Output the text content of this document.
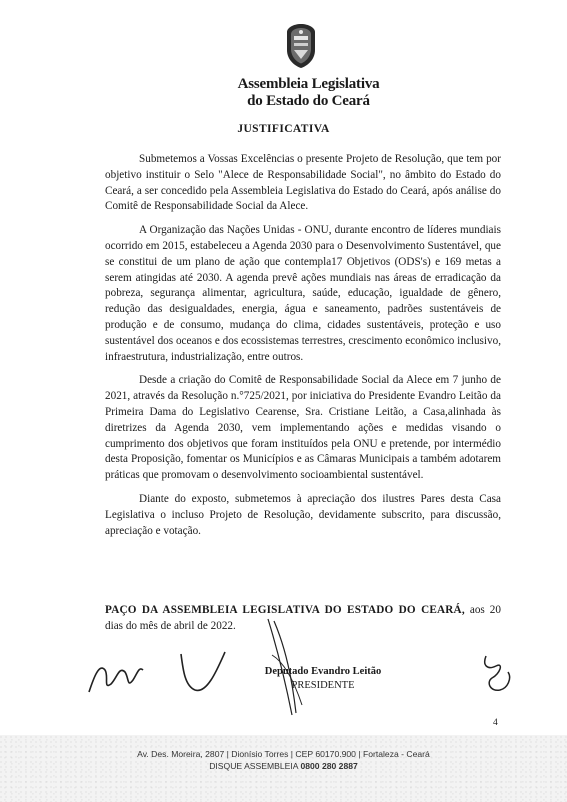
Assembleia Legislativa
do Estado do Ceará
JUSTIFICATIVA

Submetemos a Vossas Excelências o presente Projeto de Resolução, que tem por objetivo instituir o Selo "Alece de Responsabilidade Social", no âmbito do Estado do Ceará, a ser concedido pela Assembleia Legislativa do Estado do Ceará, após análise do Comitê de Responsabilidade Social da Alece.

A Organização das Nações Unidas - ONU, durante encontro de líderes mundiais ocorrido em 2015, estabeleceu a Agenda 2030 para o Desenvolvimento Sustentável, que se constitui de um plano de ação que contempla17 Objetivos (ODS's) e 169 metas a serem atingidas até 2030. A agenda prevê ações mundiais nas áreas de erradicação da pobreza, segurança alimentar, agricultura, saúde, educação, igualdade de gênero, redução das desigualdades, energia, água e saneamento, padrões sustentáveis de produção e de consumo, mudança do clima, cidades sustentáveis, proteção e uso sustentável dos oceanos e dos ecossistemas terrestres, crescimento econômico inclusivo, infraestrutura, industrialização, entre outros.

Desde a criação do Comitê de Responsabilidade Social da Alece em 7 junho de 2021, através da Resolução n.°725/2021, por iniciativa do Presidente Evandro Leitão da Primeira Dama do Legislativo Cearense, Sra. Cristiane Leitão, a Casa,alinhada às diretrizes da Agenda 2030, vem implementando ações e medidas visando o cumprimento dos objetivos que foram instituídos pela ONU e pretende, por intermédio desta Proposição, fomentar os Municípios e as Câmaras Municipais a também adotarem práticas que promovam o desenvolvimento socioambiental sustentável.

Diante do exposto, submetemos à apreciação dos ilustres Pares desta Casa Legislativa o incluso Projeto de Resolução, devidamente subscrito, para discussão, apreciação e votação.

PAÇO DA ASSEMBLEIA LEGISLATIVA DO ESTADO DO CEARÁ, aos 20 dias do mês de abril de 2022.
Deputado Evandro Leitão
PRESIDENTE
4
Av. Des. Moreira, 2807 | Dionísio Torres | CEP 60170.900 | Fortaleza - Ceará
DISQUE ASSEMBLEIA 0800 280 2887
